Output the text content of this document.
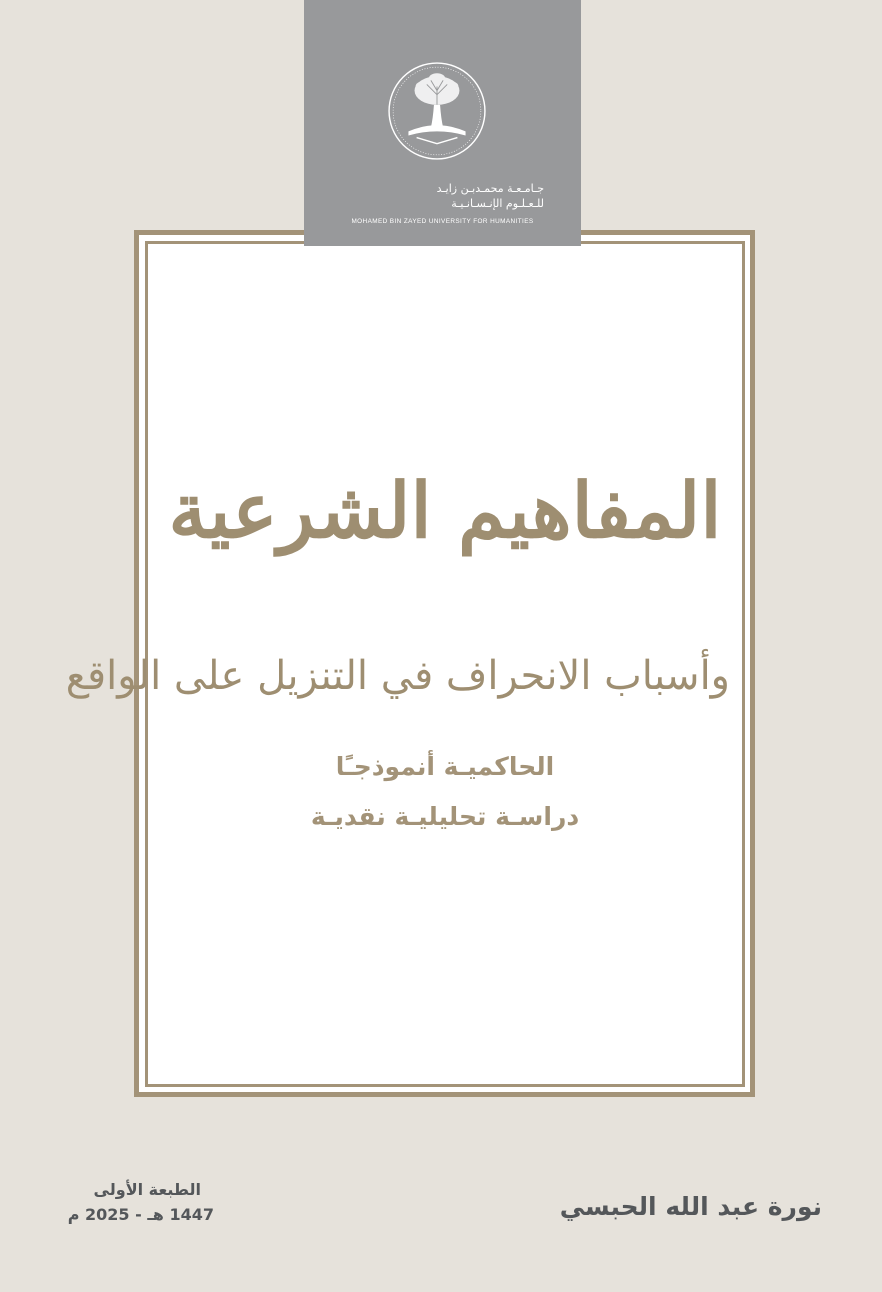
جـامـعـة محمـدبـن زايـد
للـعـلـوم الإنـسـانـيـة
MOHAMED BIN ZAYED UNIVERSITY FOR HUMANITIES
المفاهيم الشرعية
وأسباب الانحراف في التنزيل على الواقع
الحاكميـة أنموذجـًا
دراسـة تحليليـة نقديـة
نورة عبد الله الحبسي
الطبعة الأولى
1447 هـ - 2025 م
